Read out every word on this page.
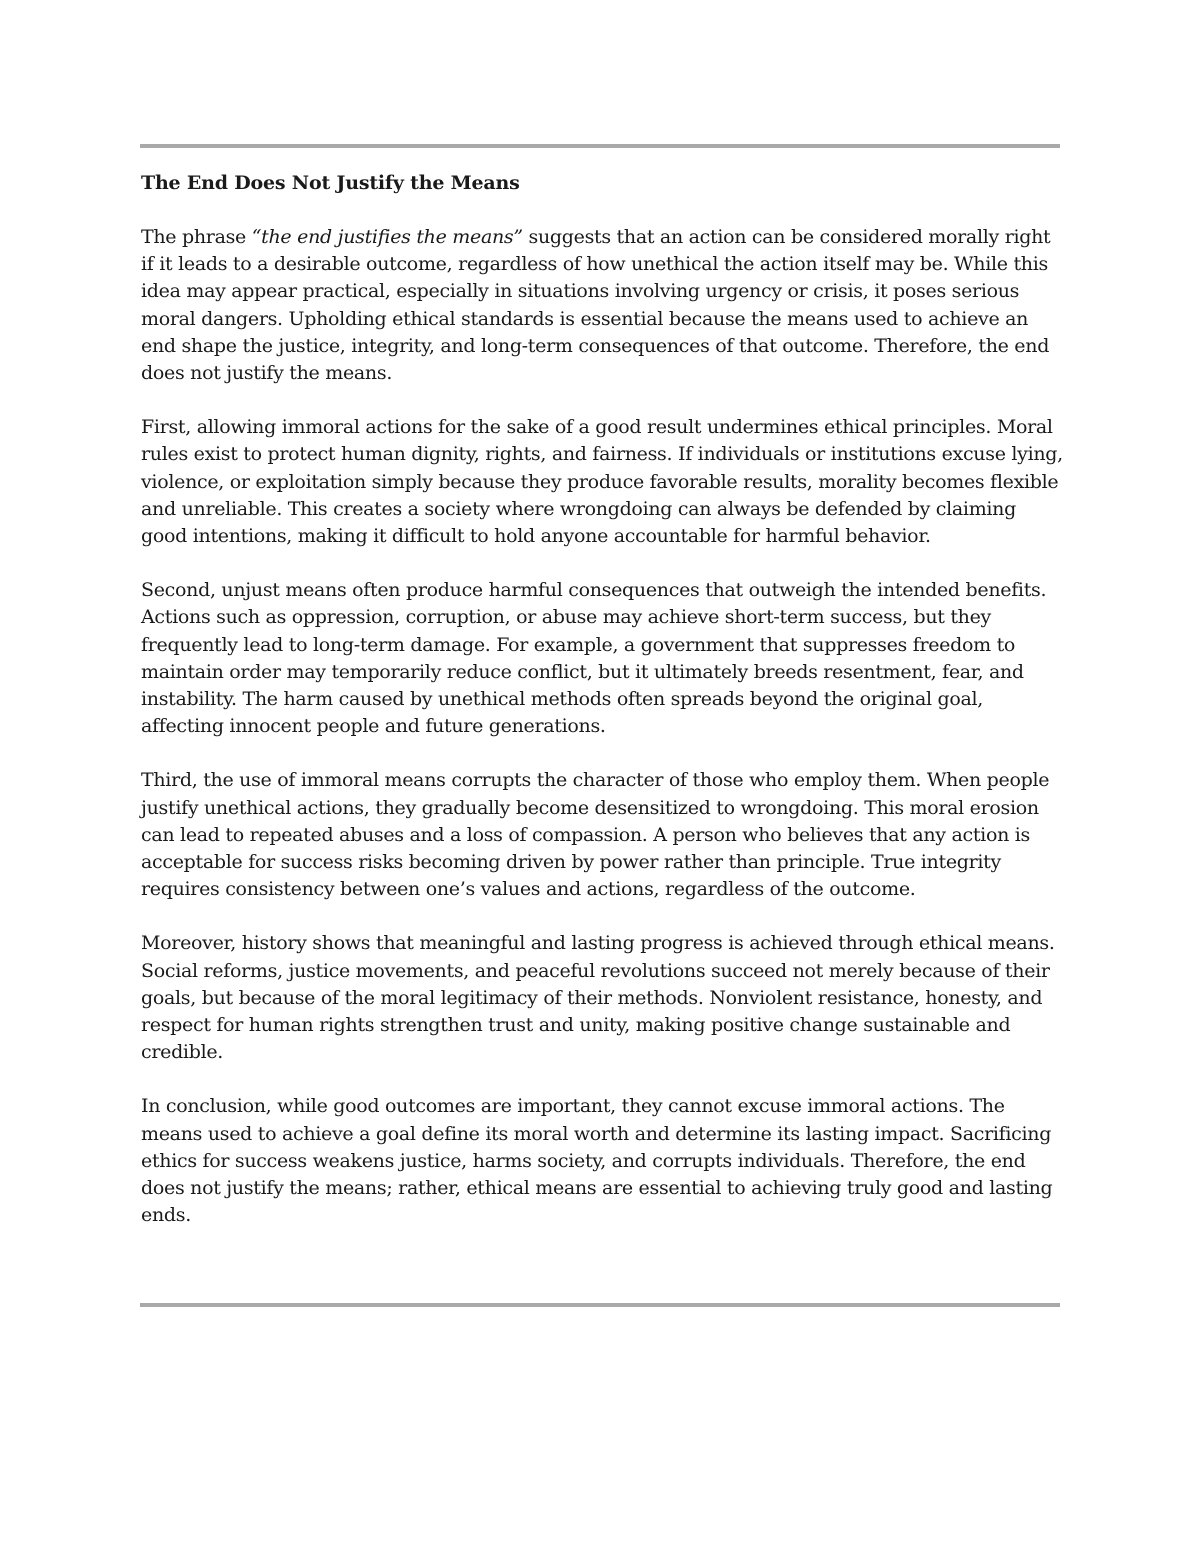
The End Does Not Justify the Means

The phrase “the end justifies the means” suggests that an action can be considered morally right if it leads to a desirable outcome, regardless of how unethical the action itself may be. While this idea may appear practical, especially in situations involving urgency or crisis, it poses serious moral dangers. Upholding ethical standards is essential because the means used to achieve an end shape the justice, integrity, and long-term consequences of that outcome. Therefore, the end does not justify the means.

First, allowing immoral actions for the sake of a good result undermines ethical principles. Moral rules exist to protect human dignity, rights, and fairness. If individuals or institutions excuse lying, violence, or exploitation simply because they produce favorable results, morality becomes flexible and unreliable. This creates a society where wrongdoing can always be defended by claiming good intentions, making it difficult to hold anyone accountable for harmful behavior.

Second, unjust means often produce harmful consequences that outweigh the intended benefits. Actions such as oppression, corruption, or abuse may achieve short-term success, but they frequently lead to long-term damage. For example, a government that suppresses freedom to maintain order may temporarily reduce conflict, but it ultimately breeds resentment, fear, and instability. The harm caused by unethical methods often spreads beyond the original goal, affecting innocent people and future generations.

Third, the use of immoral means corrupts the character of those who employ them. When people justify unethical actions, they gradually become desensitized to wrongdoing. This moral erosion can lead to repeated abuses and a loss of compassion. A person who believes that any action is acceptable for success risks becoming driven by power rather than principle. True integrity requires consistency between one’s values and actions, regardless of the outcome.

Moreover, history shows that meaningful and lasting progress is achieved through ethical means. Social reforms, justice movements, and peaceful revolutions succeed not merely because of their goals, but because of the moral legitimacy of their methods. Nonviolent resistance, honesty, and respect for human rights strengthen trust and unity, making positive change sustainable and credible.

In conclusion, while good outcomes are important, they cannot excuse immoral actions. The means used to achieve a goal define its moral worth and determine its lasting impact. Sacrificing ethics for success weakens justice, harms society, and corrupts individuals. Therefore, the end does not justify the means; rather, ethical means are essential to achieving truly good and lasting ends.
